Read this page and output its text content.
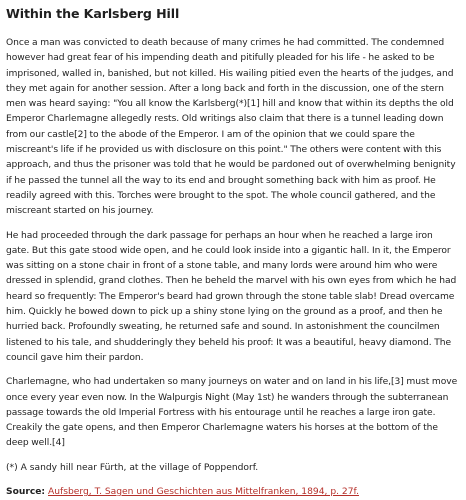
Within the Karlsberg Hill

Once a man was convicted to death because of many crimes he had committed. The condemned however had great fear of his impending death and pitifully pleaded for his life - he asked to be imprisoned, walled in, banished, but not killed. His wailing pitied even the hearts of the judges, and they met again for another session. After a long back and forth in the discussion, one of the stern men was heard saying: "You all know the Karlsberg(*)[1] hill and know that within its depths the old Emperor Charlemagne allegedly rests. Old writings also claim that there is a tunnel leading down from our castle[2] to the abode of the Emperor. I am of the opinion that we could spare the miscreant's life if he provided us with disclosure on this point." The others were content with this approach, and thus the prisoner was told that he would be pardoned out of overwhelming benignity if he passed the tunnel all the way to its end and brought something back with him as proof. He readily agreed with this. Torches were brought to the spot. The whole council gathered, and the miscreant started on his journey.

He had proceeded through the dark passage for perhaps an hour when he reached a large iron gate. But this gate stood wide open, and he could look inside into a gigantic hall. In it, the Emperor was sitting on a stone chair in front of a stone table, and many lords were around him who were dressed in splendid, grand clothes. Then he beheld the marvel with his own eyes from which he had heard so frequently: The Emperor's beard had grown through the stone table slab! Dread overcame him. Quickly he bowed down to pick up a shiny stone lying on the ground as a proof, and then he hurried back. Profoundly sweating, he returned safe and sound. In astonishment the councilmen listened to his tale, and shudderingly they beheld his proof: It was a beautiful, heavy diamond. The council gave him their pardon.

Charlemagne, who had undertaken so many journeys on water and on land in his life,[3] must move once every year even now. In the Walpurgis Night (May 1st) he wanders through the subterranean passage towards the old Imperial Fortress with his entourage until he reaches a large iron gate. Creakily the gate opens, and then Emperor Charlemagne waters his horses at the bottom of the deep well.[4]

(*) A sandy hill near Fürth, at the village of Poppendorf.

Source: Aufsberg, T. Sagen und Geschichten aus Mittelfranken, 1894, p. 27f.
